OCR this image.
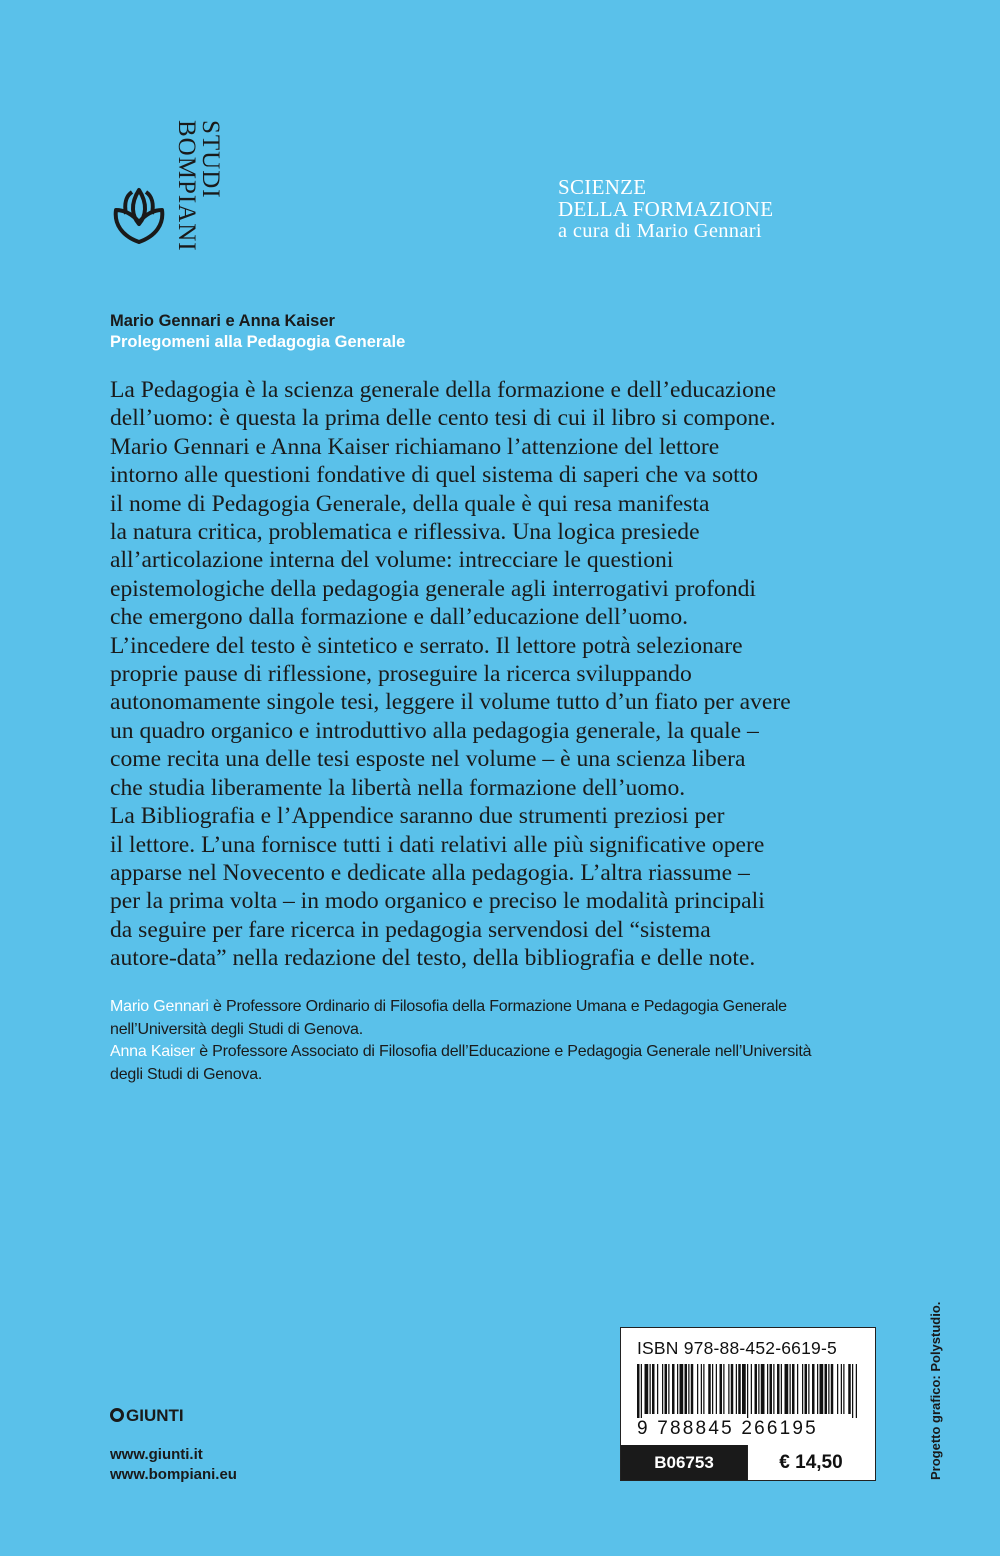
STUDI
BOMPIANI	SCIENZE
DELLA FORMAZIONE
a cura di Mario Gennari
Mario Gennari e Anna Kaiser
Prolegomeni alla Pedagogia Generale
La Pedagogia è la scienza generale della formazione e dell’educazione
dell’uomo: è questa la prima delle cento tesi di cui il libro si compone.
Mario Gennari e Anna Kaiser richiamano l’attenzione del lettore
intorno alle questioni fondative di quel sistema di saperi che va sotto
il nome di Pedagogia Generale, della quale è qui resa manifesta
la natura critica, problematica e riflessiva. Una logica presiede
all’articolazione interna del volume: intrecciare le questioni
epistemologiche della pedagogia generale agli interrogativi profondi
che emergono dalla formazione e dall’educazione dell’uomo.
L’incedere del testo è sintetico e serrato. Il lettore potrà selezionare
proprie pause di riflessione, proseguire la ricerca sviluppando
autonomamente singole tesi, leggere il volume tutto d’un fiato per avere
un quadro organico e introduttivo alla pedagogia generale, la quale –
come recita una delle tesi esposte nel volume – è una scienza libera
che studia liberamente la libertà nella formazione dell’uomo.
La Bibliografia e l’Appendice saranno due strumenti preziosi per
il lettore. L’una fornisce tutti i dati relativi alle più significative opere
apparse nel Novecento e dedicate alla pedagogia. L’altra riassume –
per la prima volta – in modo organico e preciso le modalità principali
da seguire per fare ricerca in pedagogia servendosi del “sistema
autore-data” nella redazione del testo, della bibliografia e delle note.
Mario Gennari è Professore Ordinario di Filosofia della Formazione Umana e Pedagogia Generale
nell’Università degli Studi di Genova.
Anna Kaiser è Professore Associato di Filosofia dell’Educazione e Pedagogia Generale nell’Università
degli Studi di Genova.
GIUNTI
www.giunti.it
www.bompiani.eu
ISBN 978-88-452-6619-5
9 788845 266195
B06753	€ 14,50	Progetto grafico: Polystudio.
